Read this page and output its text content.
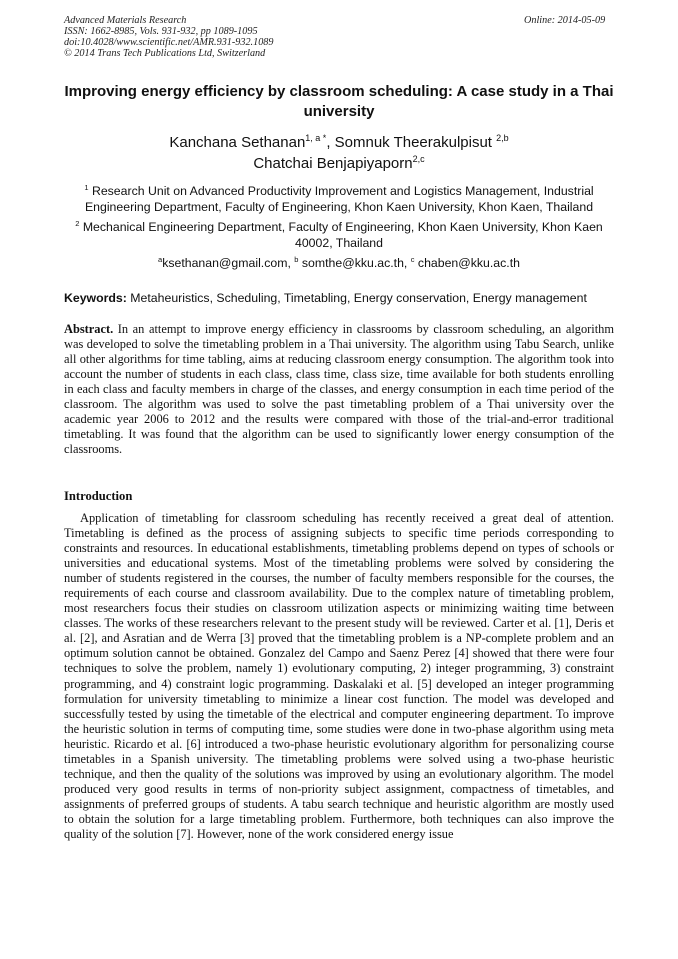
Advanced Materials Research
ISSN: 1662-8985, Vols. 931-932, pp 1089-1095
doi:10.4028/www.scientific.net/AMR.931-932.1089
© 2014 Trans Tech Publications Ltd, Switzerland
Online: 2014-05-09
Improving energy efficiency by classroom scheduling: A case study in a Thai university
Kanchana Sethanan$^{1, a *}$, Somnuk Theerakulpisut $^{2,b}$
Chatchai Benjapiyaporn$^{2,c}$
$^1$ Research Unit on Advanced Productivity Improvement and Logistics Management, Industrial Engineering Department, Faculty of Engineering, Khon Kaen University, Khon Kaen, Thailand
$^2$ Mechanical Engineering Department, Faculty of Engineering, Khon Kaen University, Khon Kaen 40002, Thailand
$^a$ksethanan@gmail.com, $^b$ somthe@kku.ac.th, $^c$ chaben@kku.ac.th
Keywords: Metaheuristics, Scheduling, Timetabling, Energy conservation, Energy management
Abstract. In an attempt to improve energy efficiency in classrooms by classroom scheduling, an algorithm was developed to solve the timetabling problem in a Thai university. The algorithm using Tabu Search, unlike all other algorithms for time tabling, aims at reducing classroom energy consumption. The algorithm took into account the number of students in each class, class time, class size, time available for both students enrolling in each class and faculty members in charge of the classes, and energy consumption in each time period of the classroom. The algorithm was used to solve the past timetabling problem of a Thai university over the academic year 2006 to 2012 and the results were compared with those of the trial-and-error traditional timetabling. It was found that the algorithm can be used to significantly lower energy consumption of the classrooms.
Introduction
Application of timetabling for classroom scheduling has recently received a great deal of attention. Timetabling is defined as the process of assigning subjects to specific time periods corresponding to constraints and resources. In educational establishments, timetabling problems depend on types of schools or universities and educational systems. Most of the timetabling problems were solved by considering the number of students registered in the courses, the number of faculty members responsible for the courses, the requirements of each course and classroom availability. Due to the complex nature of timetabling problem, most researchers focus their studies on classroom utilization aspects or minimizing waiting time between classes. The works of these researchers relevant to the present study will be reviewed. Carter et al. [1], Deris et al. [2], and Asratian and de Werra [3] proved that the timetabling problem is a NP-complete problem and an optimum solution cannot be obtained. Gonzalez del Campo and Saenz Perez [4] showed that there were four techniques to solve the problem, namely 1) evolutionary computing, 2) integer programming, 3) constraint programming, and 4) constraint logic programming. Daskalaki et al. [5] developed an integer programming formulation for university timetabling to minimize a linear cost function. The model was developed and successfully tested by using the timetable of the electrical and computer engineering department. To improve the heuristic solution in terms of computing time, some studies were done in two-phase algorithm using meta heuristic. Ricardo et al. [6] introduced a two-phase heuristic evolutionary algorithm for personalizing course timetables in a Spanish university. The timetabling problems were solved using a two-phase heuristic technique, and then the quality of the solutions was improved by using an evolutionary algorithm. The model produced very good results in terms of non-priority subject assignment, compactness of timetables, and assignments of preferred groups of students. A tabu search technique and heuristic algorithm are mostly used to obtain the solution for a large timetabling problem. Furthermore, both techniques can also improve the quality of the solution [7]. However, none of the work considered energy issue
